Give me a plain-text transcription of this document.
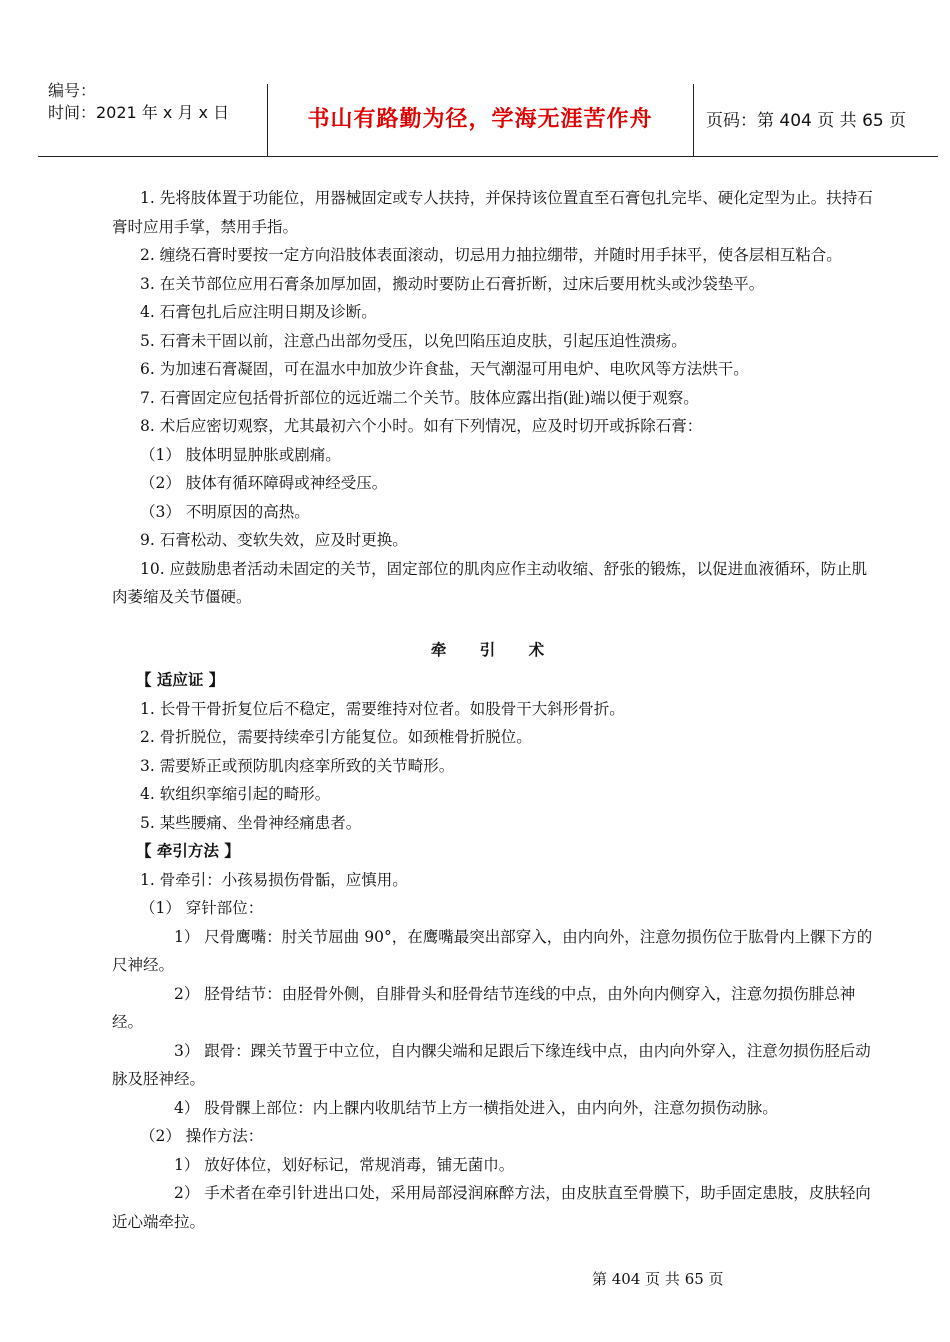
编号：
时间：2021 年 x 月 x 日	书山有路勤为径，学海无涯苦作舟	页码：第 404 页 共 65 页

1. 先将肢体置于功能位，用器械固定或专人扶持，并保持该位置直至石膏包扎完毕、硬化定型为止。扶持石膏时应用手掌，禁用手指。

2. 缠绕石膏时要按一定方向沿肢体表面滚动，切忌用力抽拉绷带，并随时用手抹平，使各层相互粘合。

3. 在关节部位应用石膏条加厚加固，搬动时要防止石膏折断，过床后要用枕头或沙袋垫平。

4. 石膏包扎后应注明日期及诊断。

5. 石膏未干固以前，注意凸出部勿受压，以免凹陷压迫皮肤，引起压迫性溃疡。

6. 为加速石膏凝固，可在温水中加放少许食盐，天气潮湿可用电炉、电吹风等方法烘干。

7. 石膏固定应包括骨折部位的远近端二个关节。肢体应露出指(趾)端以便于观察。

8. 术后应密切观察，尤其最初六个小时。如有下列情况，应及时切开或拆除石膏：

（1） 肢体明显肿胀或剧痛。

（2） 肢体有循环障碍或神经受压。

（3） 不明原因的高热。

9. 石膏松动、变软失效，应及时更换。

10. 应鼓励患者活动未固定的关节，固定部位的肌肉应作主动收缩、舒张的锻炼，以促进血液循环，防止肌肉萎缩及关节僵硬。

牵 引 术

【 适应证 】

1. 长骨干骨折复位后不稳定，需要维持对位者。如股骨干大斜形骨折。

2. 骨折脱位，需要持续牵引方能复位。如颈椎骨折脱位。

3. 需要矫正或预防肌肉痉挛所致的关节畸形。

4. 软组织挛缩引起的畸形。

5. 某些腰痛、坐骨神经痛患者。

【 牵引方法 】

1. 骨牵引：小孩易损伤骨骺，应慎用。

（1） 穿针部位：

1） 尺骨鹰嘴：肘关节屈曲 90°，在鹰嘴最突出部穿入，由内向外，注意勿损伤位于肱骨内上髁下方的尺神经。

2） 胫骨结节：由胫骨外侧，自腓骨头和胫骨结节连线的中点，由外向内侧穿入，注意勿损伤腓总神经。

3） 跟骨：踝关节置于中立位，自内髁尖端和足跟后下缘连线中点，由内向外穿入，注意勿损伤胫后动脉及胫神经。

4） 股骨髁上部位：内上髁内收肌结节上方一横指处进入，由内向外，注意勿损伤动脉。

（2） 操作方法：

1） 放好体位，划好标记，常规消毒，铺无菌巾。

2） 手术者在牵引针进出口处，采用局部浸润麻醉方法，由皮肤直至骨膜下，助手固定患肢，皮肤轻向近心端牵拉。

第 404 页 共 65 页
